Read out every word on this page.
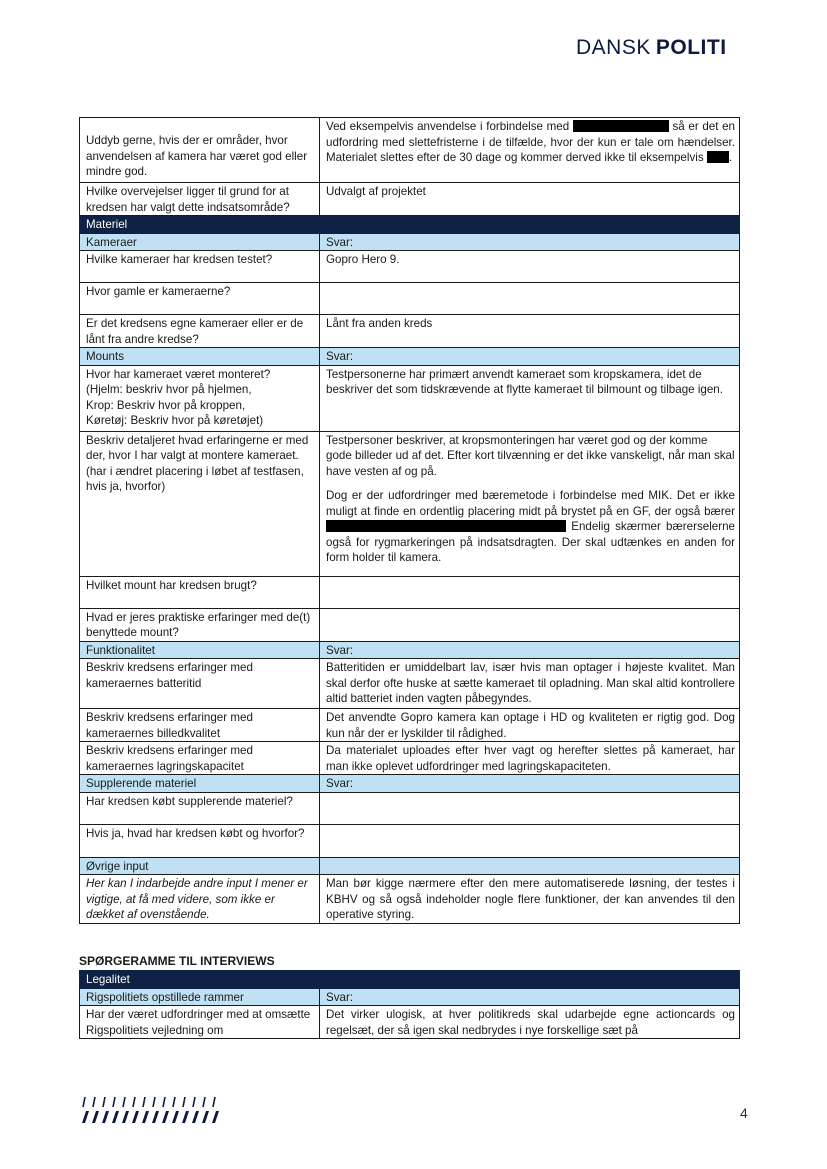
DANSK POLITI
Uddyb gerne, hvis der er områder, hvor anvendelsen af kamera har været god eller mindre god.	Ved eksempelvis anvendelse i forbindelse med så er det en udfordring med slettefristerne i de tilfælde, hvor der kun er tale om hændelser. Materialet slettes efter de 30 dage og kommer derved ikke til eksempelvis .
Hvilke overvejelser ligger til grund for at kredsen har valgt dette indsatsområde?	Udvalgt af projektet
Materiel	
Kameraer	Svar:
Hvilke kameraer har kredsen testet?	Gopro Hero 9.
Hvor gamle er kameraerne?	
Er det kredsens egne kameraer eller er de lånt fra andre kredse?	Lånt fra anden kreds
Mounts	Svar:

Hvor har kameraet været monteret?
(Hjelm: beskriv hvor på hjelmen,
Krop: Beskriv hvor på kroppen,
Køretøj: Beskriv hvor på køretøjet)	Testpersonerne har primært anvendt kameraet som kropskamera, idet de beskriver det som tidskrævende at flytte kameraet til bilmount og tilbage igen.
Beskriv detaljeret hvad erfaringerne er med der, hvor I har valgt at montere kameraet. (har i ændret placering i løbet af testfasen, hvis ja, hvorfor)	Testpersoner beskriver, at kropsmonteringen har været god og der komme gode billeder ud af det. Efter kort tilvænning er det ikke vanskeligt, når man skal have vesten af og på.
Dog er der udfordringer med bæremetode i forbindelse med MIK. Det er ikke muligt at finde en ordentlig placering midt på brystet på en GF, der også bærer  Endelig skærmer bærerselerne også for rygmarkeringen på indsatsdragten. Der skal udtænkes en anden for form holder til kamera.

Hvilket mount har kredsen brugt?	
Hvad er jeres praktiske erfaringer med de(t) benyttede mount?	
Funktionalitet	Svar:
Beskriv kredsens erfaringer med kameraernes batteritid	Batteritiden er umiddelbart lav, især hvis man optager i højeste kvalitet. Man skal derfor ofte huske at sætte kameraet til opladning. Man skal altid kontrollere altid batteriet inden vagten påbegyndes.
Beskriv kredsens erfaringer med kameraernes billedkvalitet	Det anvendte Gopro kamera kan optage i HD og kvaliteten er rigtig god. Dog kun når der er lyskilder til rådighed.
Beskriv kredsens erfaringer med kameraernes lagringskapacitet	Da materialet uploades efter hver vagt og herefter slettes på kameraet, har man ikke oplevet udfordringer med lagringskapaciteten.
Supplerende materiel	Svar:
Har kredsen købt supplerende materiel?	
Hvis ja, hvad har kredsen købt og hvorfor?	
Øvrige input	
Her kan I indarbejde andre input I mener er vigtige, at få med videre, som ikke er dækket af ovenstående.	Man bør kigge nærmere efter den mere automatiserede løsning, der testes i KBHV og så også indeholder nogle flere funktioner, der kan anvendes til den operative styring.
SPØRGERAMME TIL INTERVIEWS
Legalitet	
Rigspolitiets opstillede rammer	Svar:
Har der været udfordringer med at omsætte Rigspolitiets vejledning om	Det virker ulogisk, at hver politikreds skal udarbejde egne actioncards og regelsæt, der så igen skal nedbrydes i nye forskellige sæt på
4
